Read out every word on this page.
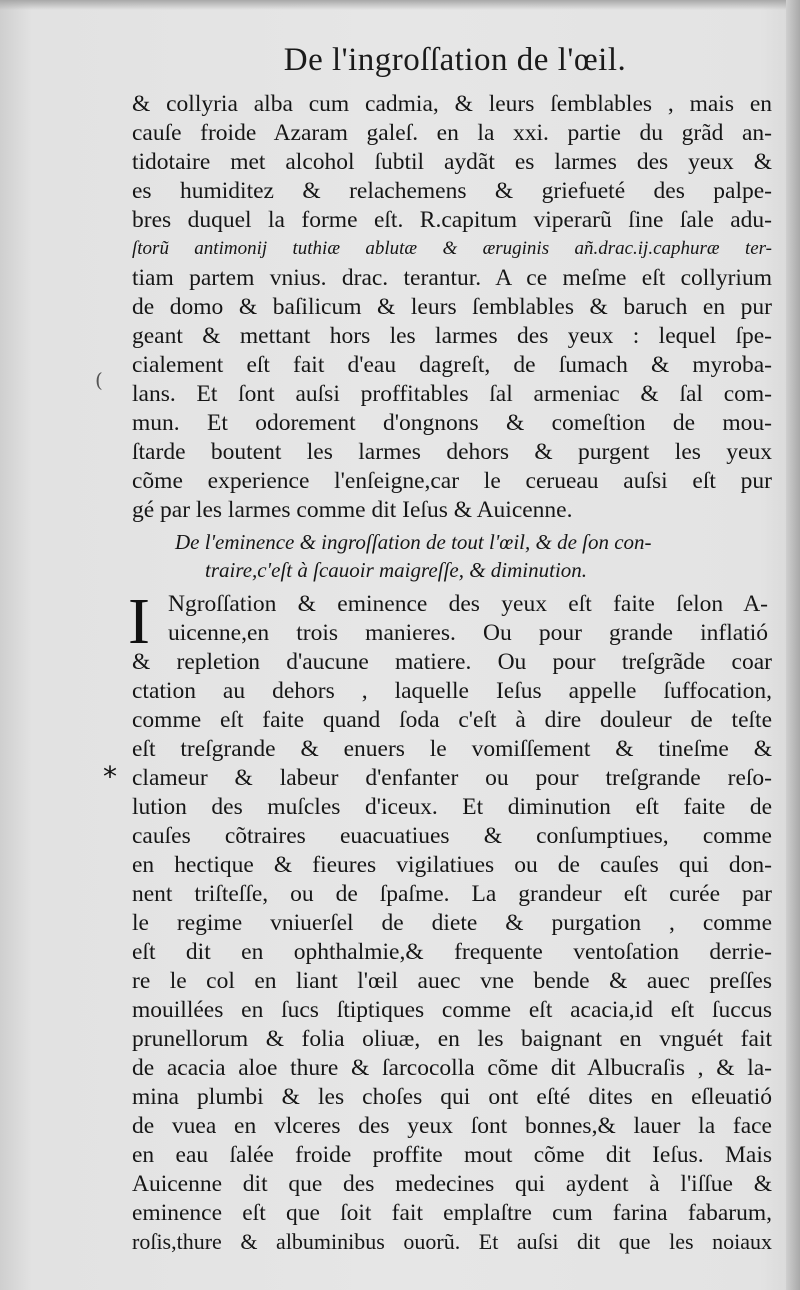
De l'ingroſſation de l'œil.
(
*
I
& collyria alba cum cadmia, & leurs ſemblables , mais en
cauſe froide Azaram galeſ. en la xxi. partie du grãd an-
tidotaire met alcohol ſubtil aydãt es larmes des yeux &
es humiditez & relachemens & griefueté des palpe-
bres duquel la forme eſt. R.capitum viperarũ ſine ſale adu-
ſtorũ antimonij tuthiæ ablutæ & æruginis añ.drac.ij.caphuræ ter-
tiam partem vnius. drac. terantur. A ce meſme eſt collyrium
de domo & baſilicum & leurs ſemblables & baruch en pur
geant & mettant hors les larmes des yeux : lequel ſpe-
cialement eſt fait d'eau dagreſt, de ſumach & myroba-
lans. Et ſont auſsi proffitables ſal armeniac & ſal com-
mun. Et odorement d'ongnons & comeſtion de mou-
ſtarde boutent les larmes dehors & purgent les yeux
cõme experience l'enſeigne,car le cerueau auſsi eſt pur
gé par les larmes comme dit Ieſus & Auicenne.
De l'eminence & ingroſſation de tout l'œil, & de ſon con-
traire,c'eſt à ſcauoir maigreſſe, & diminution.
Ngroſſation & eminence des yeux eſt faite ſelon A-
uicenne,en trois manieres. Ou pour grande inflatió
& repletion d'aucune matiere. Ou pour treſgrãde coar
ctation au dehors , laquelle Ieſus appelle ſuffocation,
comme eſt faite quand ſoda c'eſt à dire douleur de teſte
eſt treſgrande & enuers le vomiſſement & tineſme &
clameur & labeur d'enfanter ou pour treſgrande reſo-
lution des muſcles d'iceux. Et diminution eſt faite de
cauſes cõtraires euacuatiues & conſumptiues, comme
en hectique & fieures vigilatiues ou de cauſes qui don-
nent triſteſſe, ou de ſpaſme. La grandeur eſt curée par
le regime vniuerſel de diete & purgation , comme
eſt dit en ophthalmie,& frequente ventoſation derrie-
re le col en liant l'œil auec vne bende & auec preſſes
mouillées en ſucs ſtiptiques comme eſt acacia,id eſt ſuccus
prunellorum & folia oliuæ, en les baignant en vnguét fait
de acacia aloe thure & ſarcocolla cõme dit Albucraſis , & la-
mina plumbi & les choſes qui ont eſté dites en eſleuatió
de vuea en vlceres des yeux ſont bonnes,& lauer la face
en eau ſalée froide proffite mout cõme dit Ieſus. Mais
Auicenne dit que des medecines qui aydent à l'iſſue &
eminence eſt que ſoit fait emplaſtre cum farina fabarum,
roſis,thure & albuminibus ouorũ. Et auſsi dit que les noiaux
